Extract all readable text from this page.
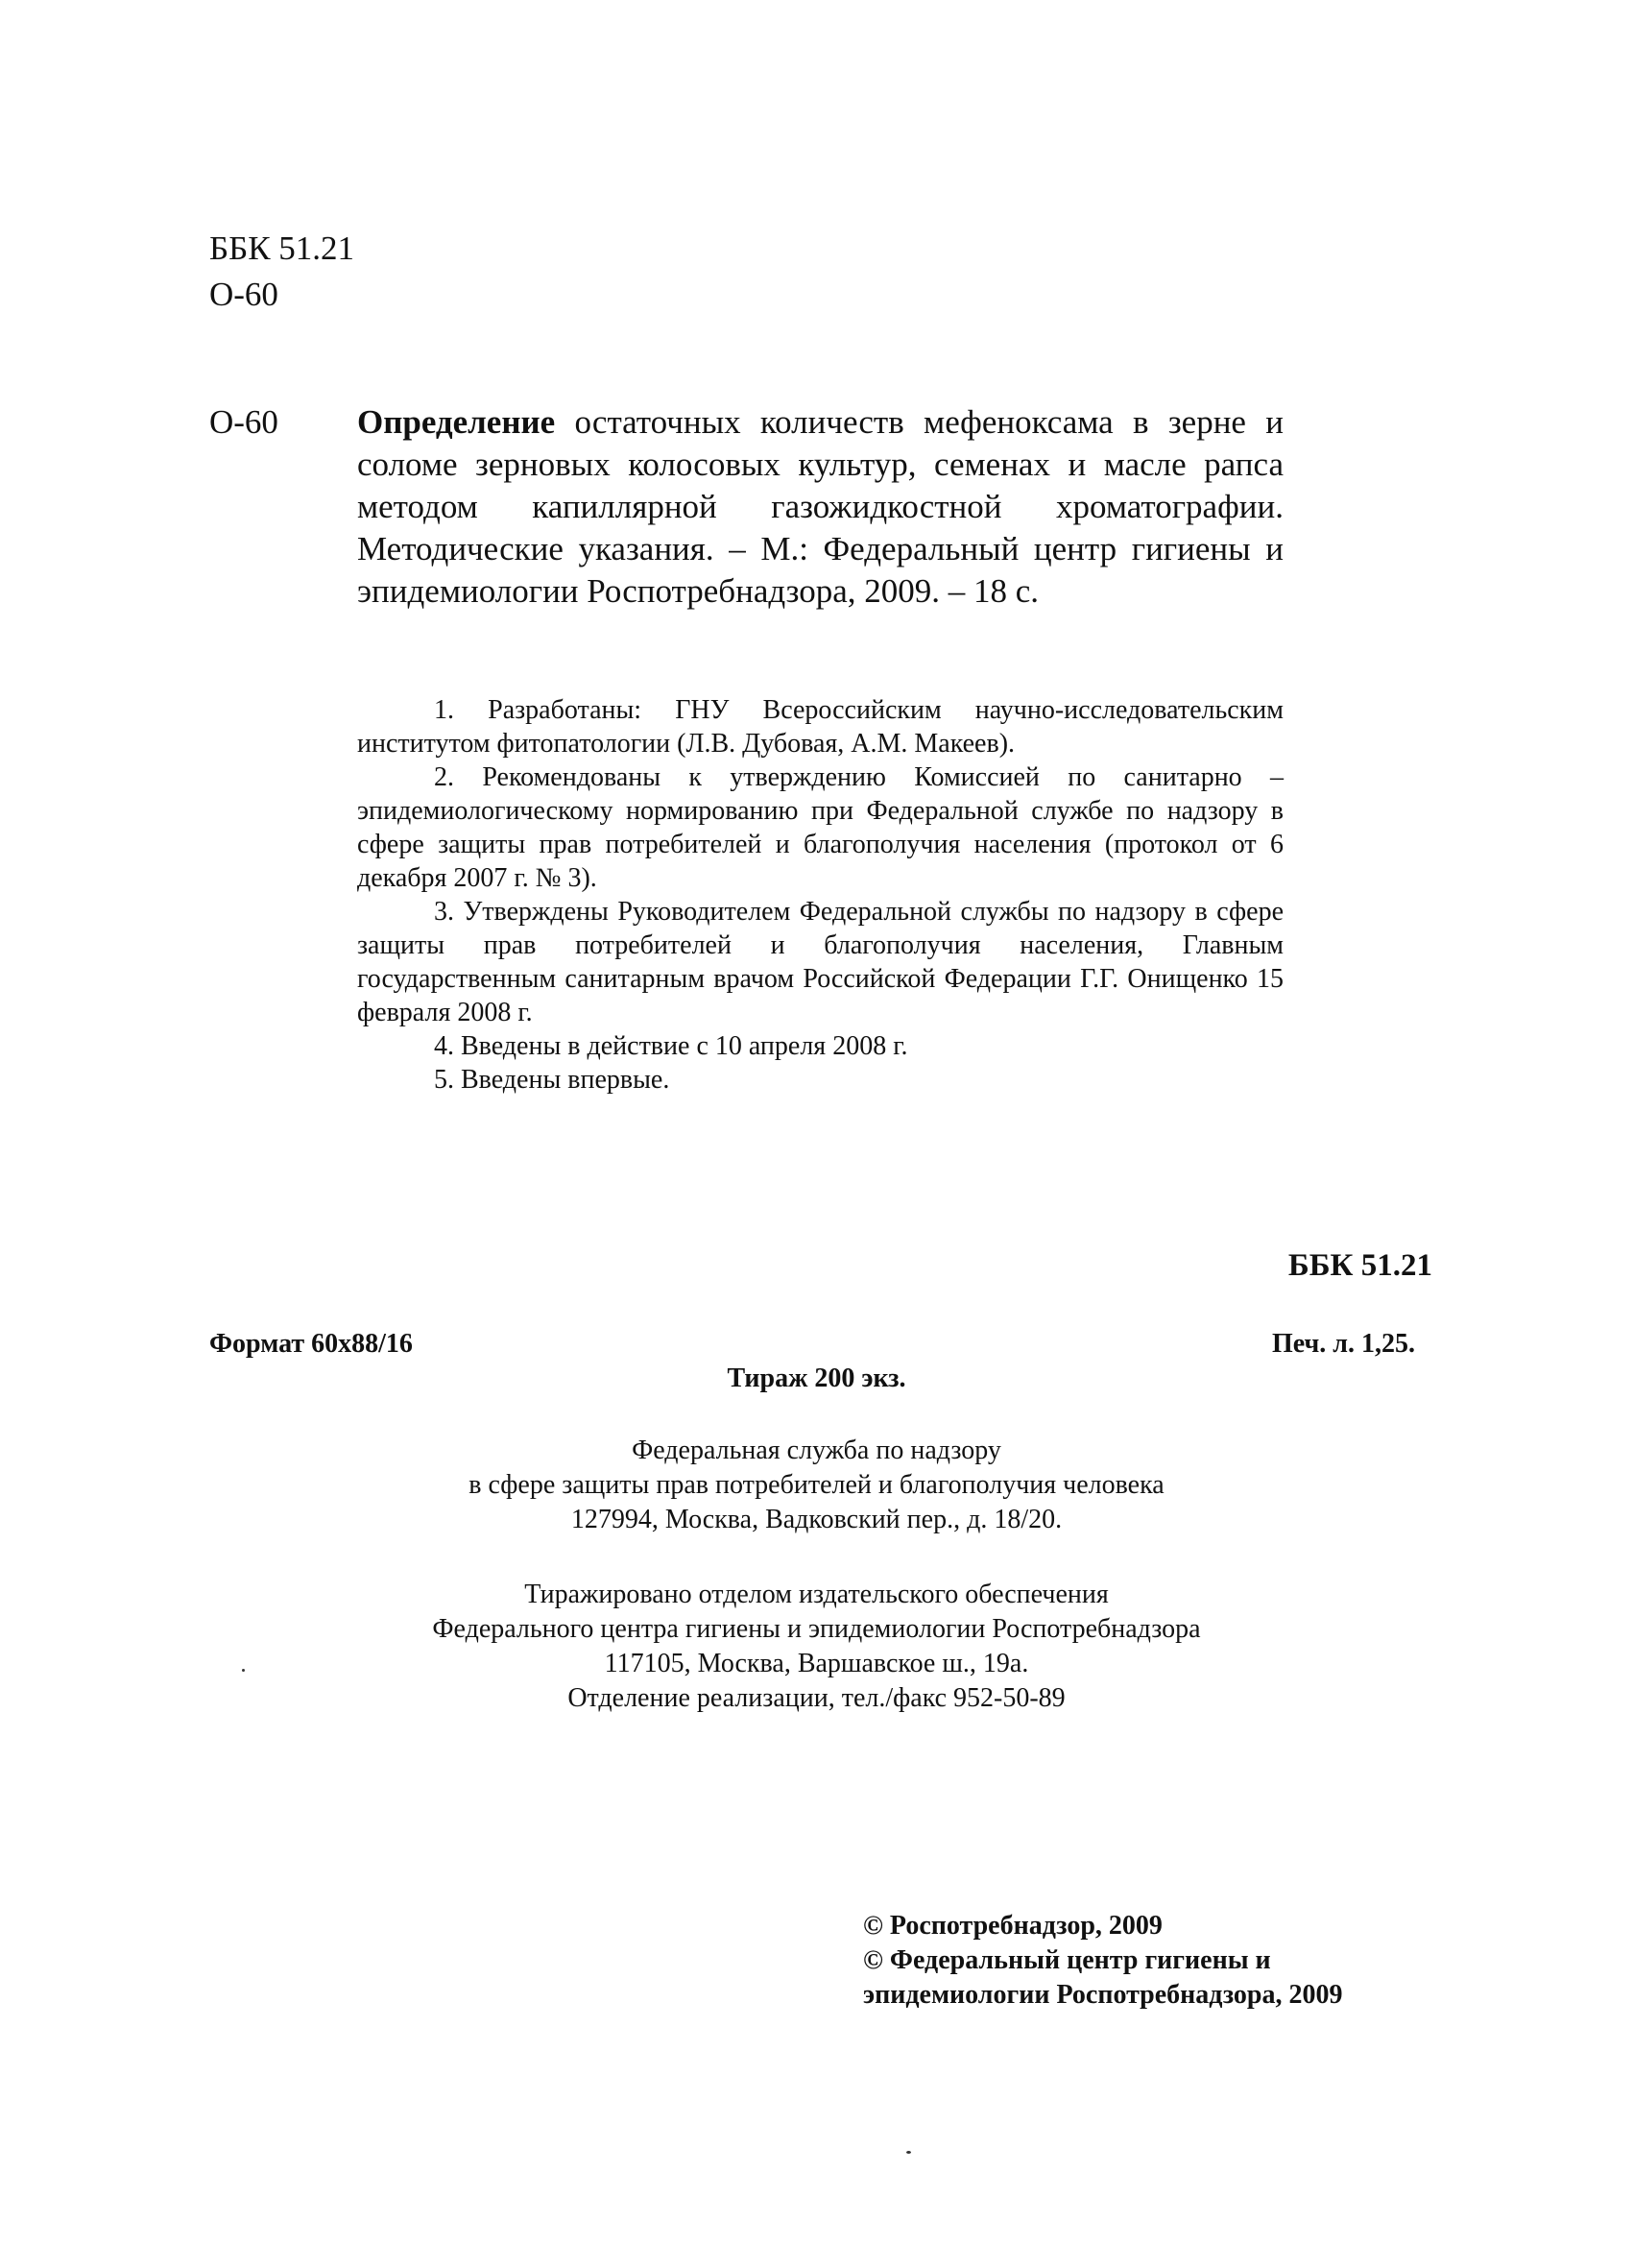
ББК 51.21
О-60
О-60 Определение остаточных количеств мефеноксама в зерне и соломе зерновых колосовых культур, семенах и масле рапса методом капиллярной газожидкостной хроматографии. Методические указания. – М.: Федеральный центр гигиены и эпидемиологии Роспотребнадзора, 2009. – 18 с.

1. Разработаны: ГНУ Всероссийским научно-исследовательским институтом фитопатологии (Л.В. Дубовая, А.М. Макеев).

2. Рекомендованы к утверждению Комиссией по санитарно – эпидемиологическому нормированию при Федеральной службе по надзору в сфере защиты прав потребителей и благополучия населения (протокол от 6 декабря 2007 г. № 3).

3. Утверждены Руководителем Федеральной службы по надзору в сфере защиты прав потребителей и благополучия населения, Главным государственным санитарным врачом Российской Федерации Г.Г. Онищенко 15 февраля 2008 г.

4. Введены в действие с 10 апреля 2008 г.

5. Введены впервые.

ББК 51.21
Формат 60х88/16	Печ. л. 1,25.
Тираж 200 экз.
Федеральная служба по надзору
в сфере защиты прав потребителей и благополучия человека
127994, Москва, Вадковский пер., д. 18/20.
Тиражировано отделом издательского обеспечения
Федерального центра гигиены и эпидемиологии Роспотребнадзора
117105, Москва, Варшавское ш., 19а.
Отделение реализации, тел./факс 952-50-89
© Роспотребнадзор, 2009
© Федеральный центр гигиены и
эпидемиологии Роспотребнадзора, 2009
